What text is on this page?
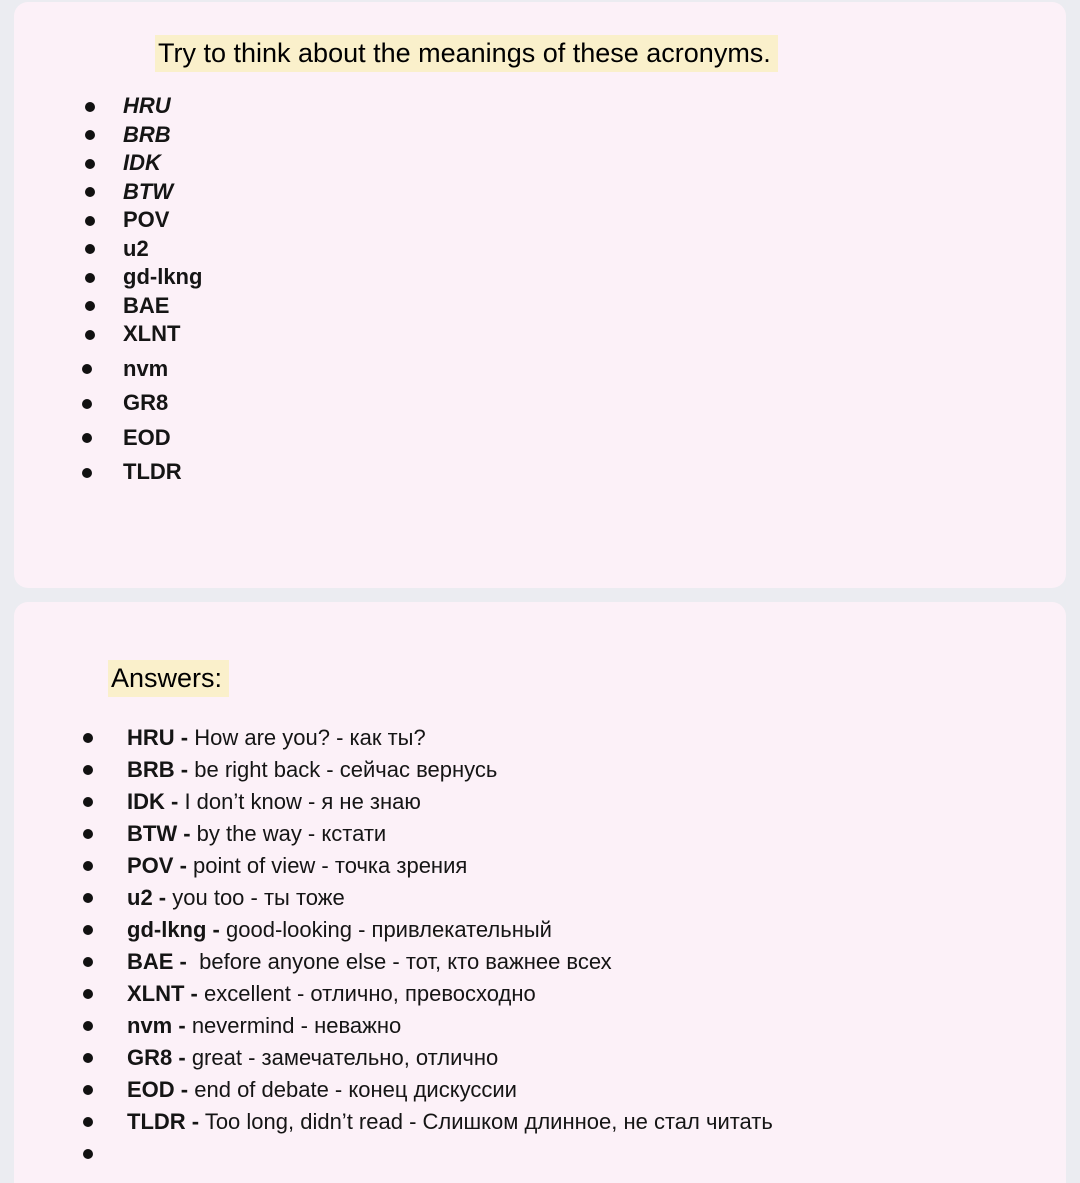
Try to think about the meanings of these acronyms.
HRU
BRB
IDK
BTW
POV
u2
gd-lkng
BAE
XLNT
nvm
GR8
EOD
TLDR
Answers:
HRU - How are you? - как ты?
BRB - be right back - сейчас вернусь
IDK - I don’t know - я не знаю
BTW - by the way - кстати
POV - point of view - точка зрения
u2 - you too - ты тоже
gd-lkng - good-looking - привлекательный
BAE -  before anyone else - тот, кто важнее всех
XLNT - excellent - отлично, превосходно
nvm - nevermind - неважно
GR8 - great - замечательно, отлично
EOD - end of debate - конец дискуссии
TLDR - Too long, didn’t read - Слишком длинное, не стал читать
